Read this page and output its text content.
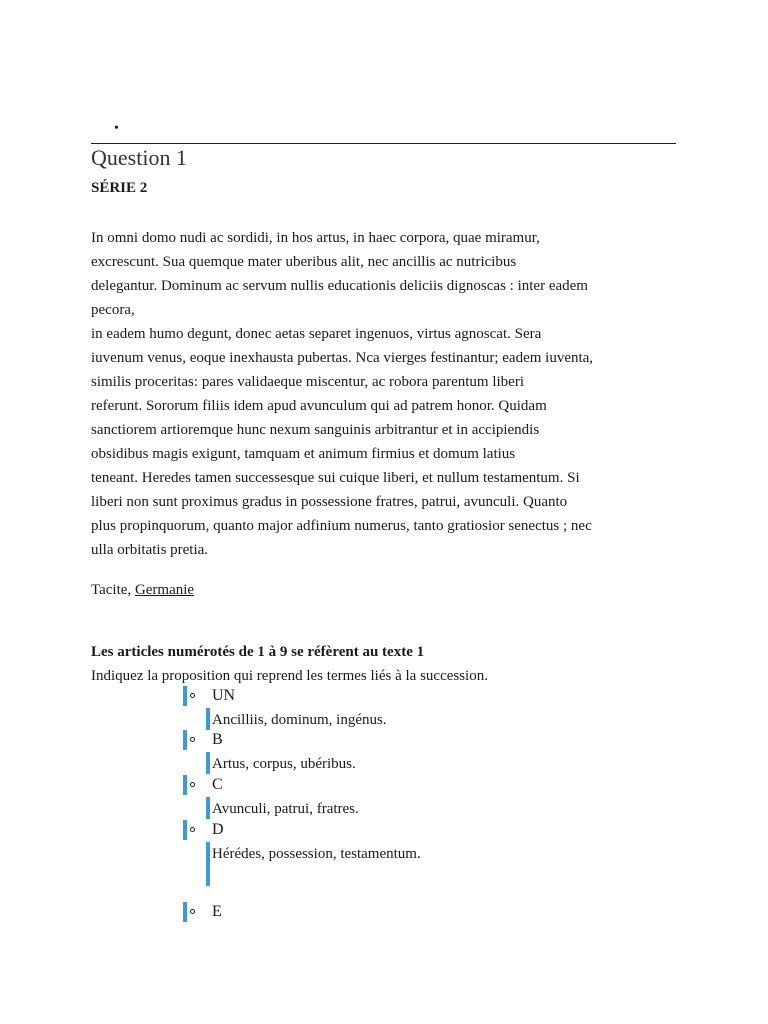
•
Question 1
SÉRIE 2
In omni domo nudi ac sordidi, in hos artus, in haec corpora, quae miramur,
excrescunt. Sua quemque mater uberibus alit, nec ancillis ac nutricibus
delegantur. Dominum ac servum nullis educationis deliciis dignoscas : inter eadem
pecora,
in eadem humo degunt, donec aetas separet ingenuos, virtus agnoscat. Sera
iuvenum venus, eoque inexhausta pubertas. Nca vierges festinantur; eadem iuventa,
similis proceritas: pares validaeque miscentur, ac robora parentum liberi
referunt. Sororum filiis idem apud avunculum qui ad patrem honor. Quidam
sanctiorem artioremque hunc nexum sanguinis arbitrantur et in accipiendis
obsidibus magis exigunt, tamquam et animum firmius et domum latius
teneant. Heredes tamen successesque sui cuique liberi, et nullum testamentum. Si
liberi non sunt proximus gradus in possessione fratres, patrui, avunculi. Quanto
plus propinquorum, quanto major adfinium numerus, tanto gratiosior senectus ; nec
ulla orbitatis pretia.
Tacite, Germanie
Les articles numérotés de 1 à 9 se réfèrent au texte 1
Indiquez la proposition qui reprend les termes liés à la succession.
UN
Ancilliis, dominum, ingénus.
B
Artus, corpus, ubéribus.
C
Avunculi, patrui, fratres.
D
Hérédes, possession, testamentum.
E
